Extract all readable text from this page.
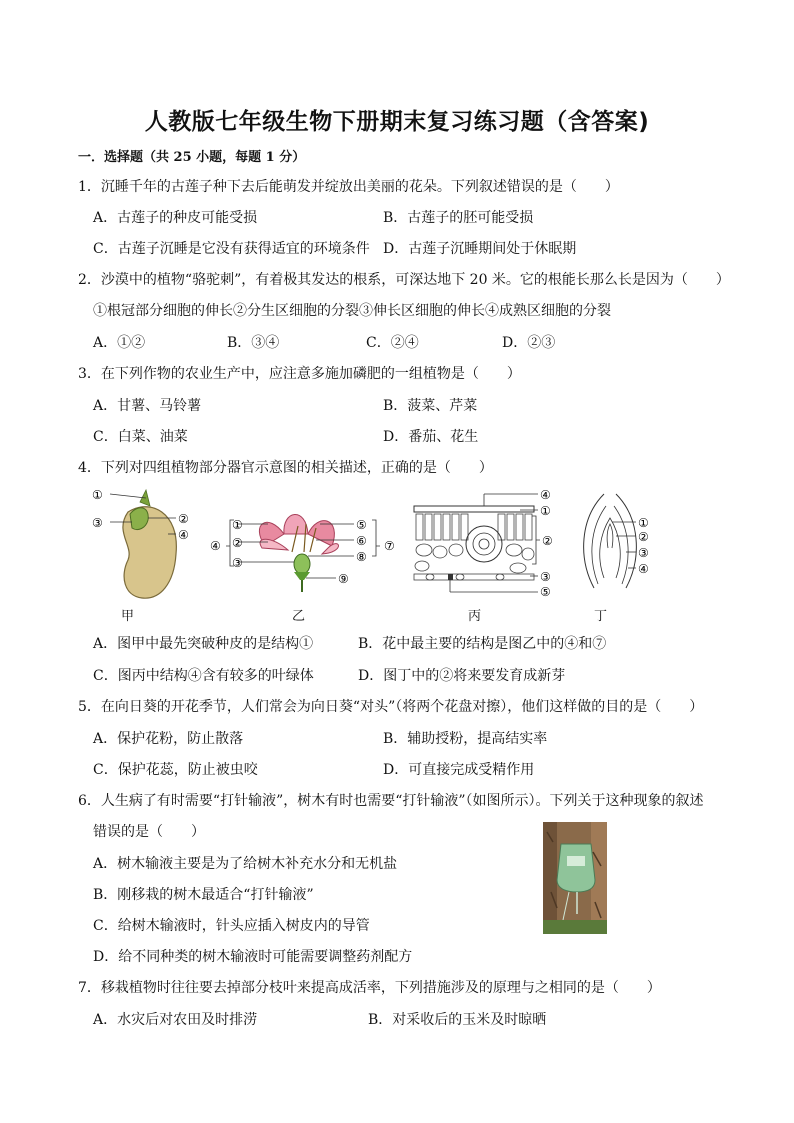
人教版七年级生物下册期末复习练习题（含答案)
一．选择题（共 25 小题，每题 1 分）
1．沉睡千年的古莲子种下去后能萌发并绽放出美丽的花朵。下列叙述错误的是（　　）
A．古莲子的种皮可能受损	B．古莲子的胚可能受损
C．古莲子沉睡是它没有获得适宜的环境条件 D．古莲子沉睡期间处于休眠期
2．沙漠中的植物“骆驼刺”，有着极其发达的根系，可深达地下 20 米。它的根能长那么长是因为（　　）
①根冠部分细胞的伸长②分生区细胞的分裂③伸长区细胞的伸长④成熟区细胞的分裂
A．①②	B．③④	C．②④	D．②③
3．在下列作物的农业生产中，应注意多施加磷肥的一组植物是（　　）
A．甘薯、马铃薯	B．菠菜、芹菜
C．白菜、油菜	D．番茄、花生
4．下列对四组植物部分器官示意图的相关描述，正确的是（　　）
①
③	②
④
甲
①
②
④
③
⑤
⑥
⑧
⑦
⑨
乙
④
①
②
③
⑤
丙
①
②
③
④
丁
A．图甲中最先突破种皮的是结构①	B．花中最主要的结构是图乙中的④和⑦
C．图丙中结构④含有较多的叶绿体	D．图丁中的②将来要发育成新芽
5．在向日葵的开花季节，人们常会为向日葵“对头”（将两个花盘对擦），他们这样做的目的是（　　）
A．保护花粉，防止散落	B．辅助授粉，提高结实率
C．保护花蕊，防止被虫咬	D．可直接完成受精作用
6．人生病了有时需要“打针输液”，树木有时也需要“打针输液”（如图所示）。下列关于这种现象的叙述
错误的是（　　）
A．树木输液主要是为了给树木补充水分和无机盐
B．刚移栽的树木最适合“打针输液”
C．给树木输液时，针头应插入树皮内的导管
D．给不同种类的树木输液时可能需要调整药剂配方
7．移栽植物时往往要去掉部分枝叶来提高成活率，下列措施涉及的原理与之相同的是（　　）
A．水灾后对农田及时排涝	B．对采收后的玉米及时晾晒
